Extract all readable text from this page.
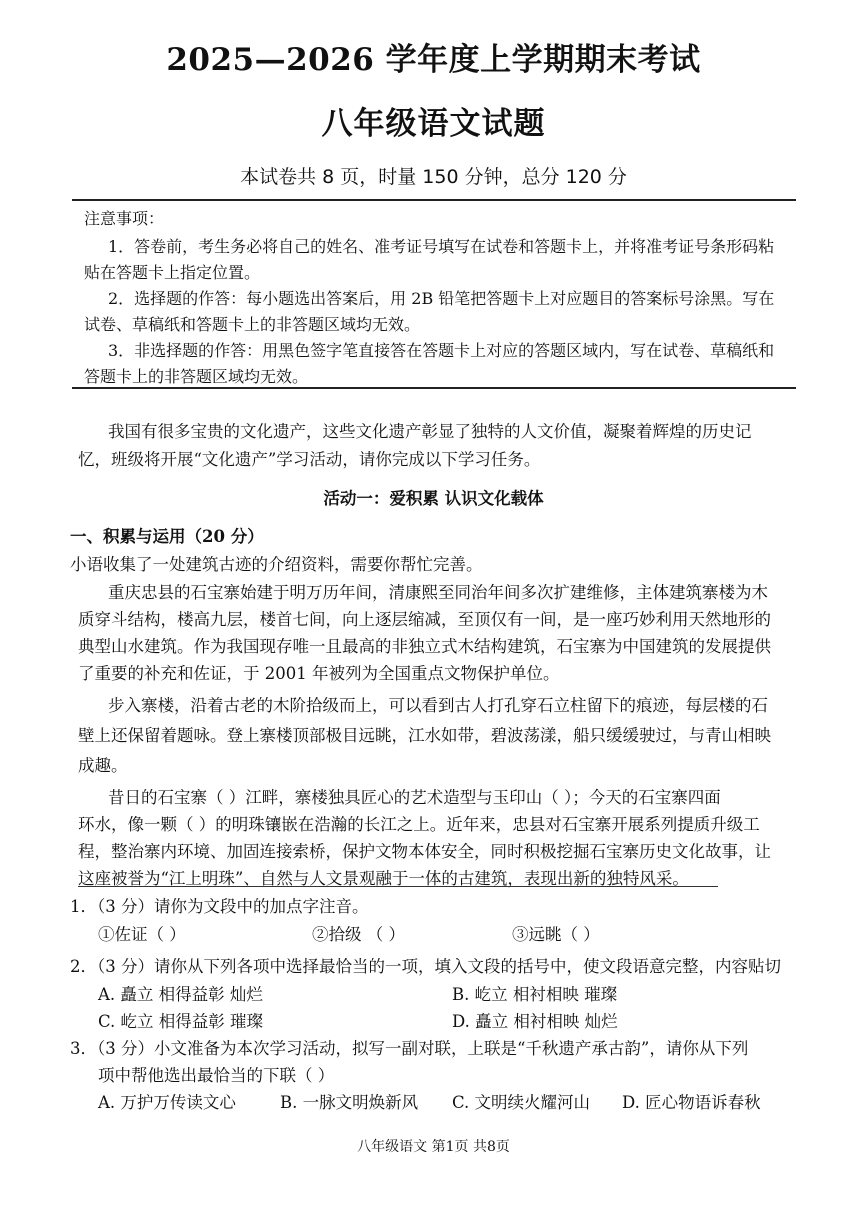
2025—2026 学年度上学期期末考试
八年级语文试题
本试卷共 8 页，时量 150 分钟，总分 120 分
注意事项：
1．答卷前，考生务必将自己的姓名、准考证号填写在试卷和答题卡上，并将准考证号条形码粘
贴在答题卡上指定位置。
2．选择题的作答：每小题选出答案后，用 2B 铅笔把答题卡上对应题目的答案标号涂黑。写在
试卷、草稿纸和答题卡上的非答题区域均无效。
3．非选择题的作答：用黑色签字笔直接答在答题卡上对应的答题区域内，写在试卷、草稿纸和
答题卡上的非答题区域均无效。
我国有很多宝贵的文化遗产，这些文化遗产彰显了独特的人文价值，凝聚着辉煌的历史记
忆，班级将开展“文化遗产”学习活动，请你完成以下学习任务。
活动一：爱积累 认识文化载体
一、积累与运用（20 分）
小语收集了一处建筑古迹的介绍资料，需要你帮忙完善。
重庆忠县的石宝寨始建于明万历年间，清康熙至同治年间多次扩建维修，主体建筑寨楼为木
质穿斗结构，楼高九层，楼首七间，向上逐层缩减，至顶仅有一间，是一座巧妙利用天然地形的
典型山水建筑。作为我国现存唯一且最高的非独立式木结构建筑，石宝寨为中国建筑的发展提供
了重要的补充和佐证，于 2001 年被列为全国重点文物保护单位。
步入寨楼，沿着古老的木阶拾级而上，可以看到古人打孔穿石立柱留下的痕迹，每层楼的石
壁上还保留着题咏。登上寨楼顶部极目远眺，江水如带，碧波荡漾，船只缓缓驶过，与青山相映
成趣。
昔日的石宝寨（ ）江畔，寨楼独具匠心的艺术造型与玉印山（ ）；今天的石宝寨四面
环水，像一颗（ ）的明珠镶嵌在浩瀚的长江之上。近年来，忠县对石宝寨开展系列提质升级工
程，整治寨内环境、加固连接索桥，保护文物本体安全，同时积极挖掘石宝寨历史文化故事，让
这座被誉为“江上明珠”、自然与人文景观融于一体的古建筑，表现出新的独特风采。
1．（3 分）请你为文段中的加点字注音。
①佐证（ ）	②拾级 （ ）	③远眺（ ）
2．（3 分）请你从下列各项中选择最恰当的一项，填入文段的括号中，使文段语意完整，内容贴切
A. 矗立 相得益彰 灿烂	B. 屹立 相衬相映 璀璨
C. 屹立 相得益彰 璀璨	D. 矗立 相衬相映 灿烂
3．（3 分）小文准备为本次学习活动，拟写一副对联，上联是“千秋遗产承古韵”，请你从下列
项中帮他选出最恰当的下联（ ）
A. 万护万传读文心	B. 一脉文明焕新风 C. 文明续火耀河山 D. 匠心物语诉春秋
八年级语文 第1页 共8页
